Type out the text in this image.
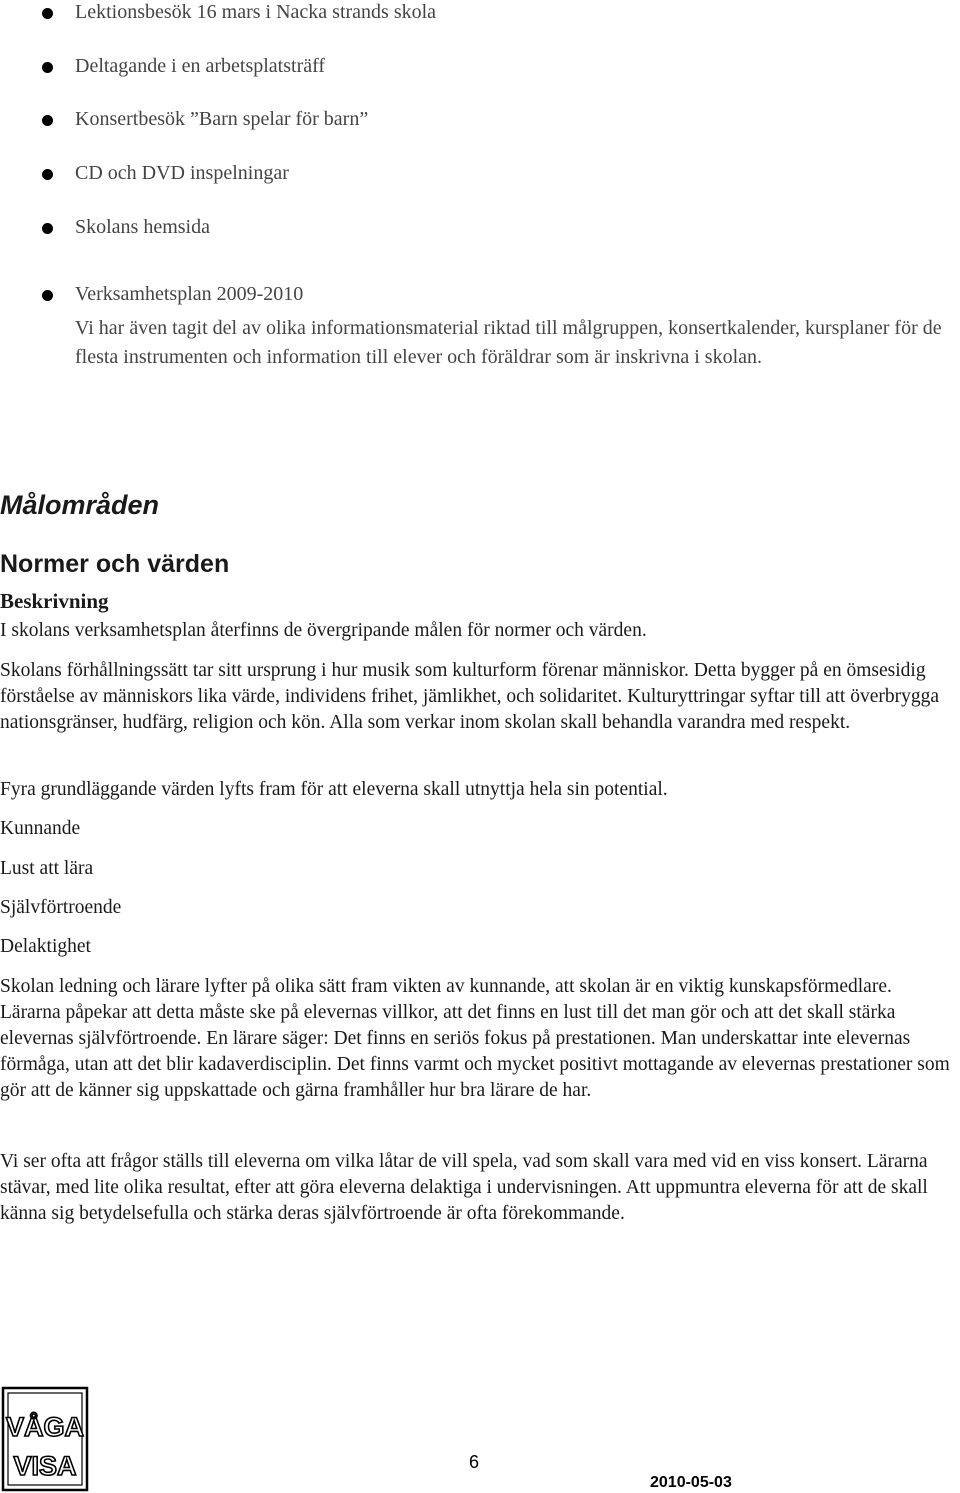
Lektionsbesök 16 mars i Nacka strands skola
Deltagande i en arbetsplatsträff
Konsertbesök ”Barn spelar för barn”
CD och DVD inspelningar
Skolans hemsida
Verksamhetsplan 2009-2010

Vi har även tagit del av olika informationsmaterial riktad till målgruppen, konsertkalender, kursplaner för de flesta instrumenten och information till elever och föräldrar som är inskrivna i skolan.

Målområden
Normer och värden
Beskrivning

I skolans verksamhetsplan återfinns de övergripande målen för normer och värden.

Skolans förhållningssätt tar sitt ursprung i hur musik som kulturform förenar människor. Detta bygger på en ömsesidig förståelse av människors lika värde, individens frihet, jämlikhet, och solidaritet. Kulturyttringar syftar till att överbrygga nationsgränser, hudfärg, religion och kön. Alla som verkar inom skolan skall behandla varandra med respekt.

Fyra grundläggande värden lyfts fram för att eleverna skall utnyttja hela sin potential.

Kunnande

Lust att lära

Självförtroende

Delaktighet

Skolan ledning och lärare lyfter på olika sätt fram vikten av kunnande, att skolan är en viktig kunskapsförmedlare. Lärarna påpekar att detta måste ske på elevernas villkor, att det finns en lust till det man gör och att det skall stärka elevernas självförtroende. En lärare säger: Det finns en seriös fokus på prestationen. Man underskattar inte elevernas förmåga, utan att det blir kadaverdisciplin. Det finns varmt och mycket positivt mottagande av elevernas prestationer som gör att de känner sig uppskattade och gärna framhåller hur bra lärare de har.

Vi ser ofta att frågor ställs till eleverna om vilka låtar de vill spela, vad som skall vara med vid en viss konsert. Lärarna stävar, med lite olika resultat, efter att göra eleverna delaktiga i undervisningen. Att uppmuntra eleverna för att de skall känna sig betydelsefulla och stärka deras självförtroende är ofta förekommande.

VÅGA
VISA	6

2010-05-03
